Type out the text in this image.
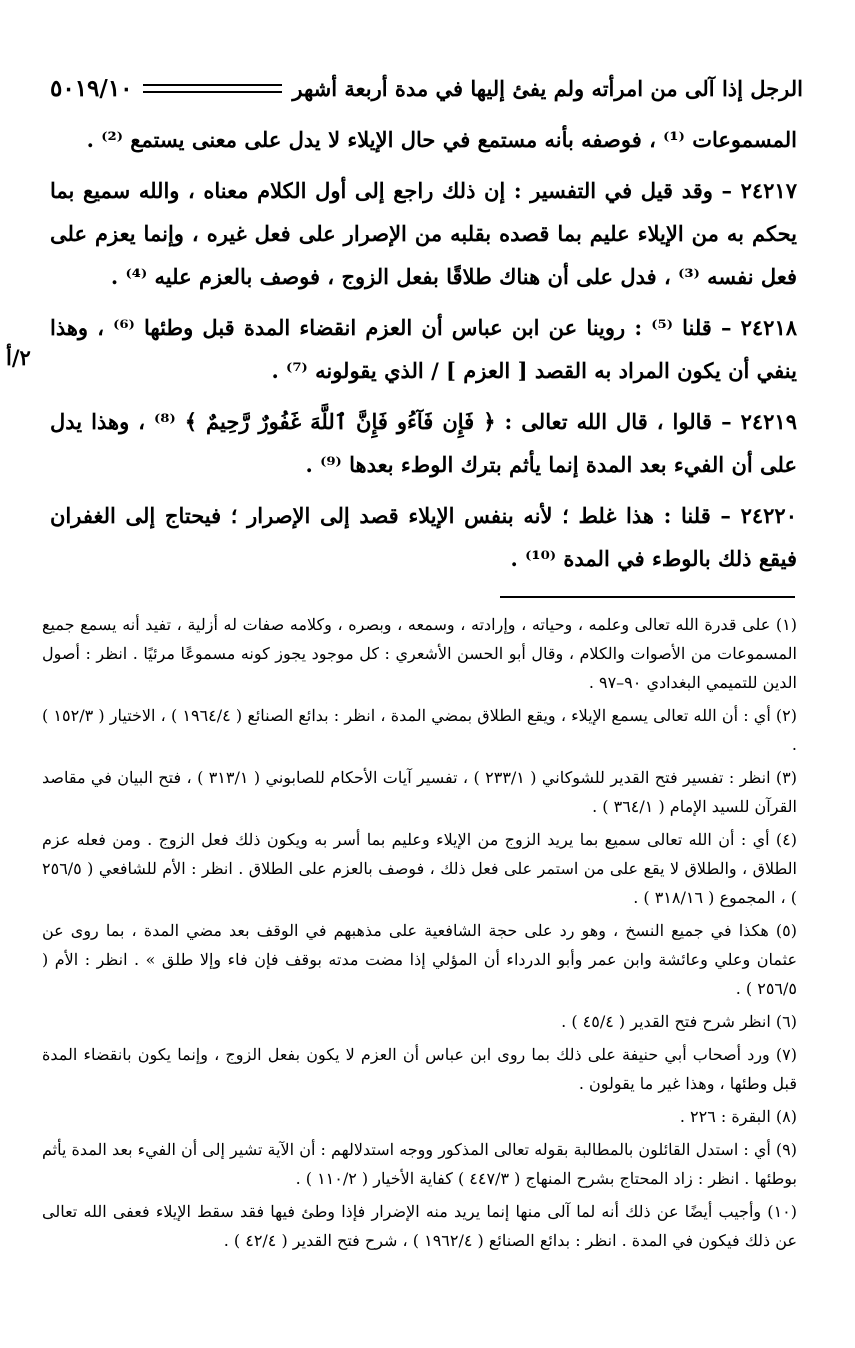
الرجل إذا آلى من امرأته ولم يفئ إليها في مدة أربعة أشهر
٥٠١٩/١٠
٢/أ

المسموعات ⁽¹⁾ ، فوصفه بأنه مستمع في حال الإيلاء لا يدل على معنى يستمع ⁽²⁾ .

٢٤٢١٧ – وقد قيل في التفسير : إن ذلك راجع إلى أول الكلام معناه ، والله سميع بما يحكم به من الإيلاء عليم بما قصده بقلبه من الإصرار على فعل غيره ، وإنما يعزم على فعل نفسه ⁽³⁾ ، فدل على أن هناك طلاقًا بفعل الزوج ، فوصف بالعزم عليه ⁽⁴⁾ .

٢٤٢١٨ – قلنا ⁽⁵⁾ : روينا عن ابن عباس أن العزم انقضاء المدة قبل وطئها ⁽⁶⁾ ، وهذا ينفي أن يكون المراد به القصد [ العزم ] / الذي يقولونه ⁽⁷⁾ .

٢٤٢١٩ – قالوا ، قال الله تعالى : ﴿ فَإِن فَآءُو فَإِنَّ ٱللَّهَ غَفُورٌ رَّحِيمٌ ﴾ ⁽⁸⁾ ، وهذا يدل على أن الفيء بعد المدة إنما يأثم بترك الوطء بعدها ⁽⁹⁾ .

٢٤٢٢٠ – قلنا : هذا غلط ؛ لأنه بنفس الإيلاء قصد إلى الإصرار ؛ فيحتاج إلى الغفران فيقع ذلك بالوطء في المدة ⁽¹⁰⁾ .

(١) على قدرة الله تعالى وعلمه ، وحياته ، وإرادته ، وسمعه ، وبصره ، وكلامه صفات له أزلية ، تفيد أنه يسمع جميع المسموعات من الأصوات والكلام ، وقال أبو الحسن الأشعري : كل موجود يجوز كونه مسموعًا مرئيًا . انظر : أصول الدين للتميمي البغدادي ٩٠–٩٧ .

(٢) أي : أن الله تعالى يسمع الإيلاء ، ويقع الطلاق بمضي المدة ، انظر : بدائع الصنائع ( ١٩٦٤/٤ ) ، الاختيار ( ١٥٢/٣ ) .

(٣) انظر : تفسير فتح القدير للشوكاني ( ٢٣٣/١ ) ، تفسير آيات الأحكام للصابوني ( ٣١٣/١ ) ، فتح البيان في مقاصد القرآن للسيد الإمام ( ٣٦٤/١ ) .

(٤) أي : أن الله تعالى سميع بما يريد الزوج من الإيلاء وعليم بما أسر به ويكون ذلك فعل الزوج . ومن فعله عزم الطلاق ، والطلاق لا يقع على من استمر على فعل ذلك ، فوصف بالعزم على الطلاق . انظر : الأم للشافعي ( ٢٥٦/٥ ) ، المجموع ( ٣١٨/١٦ ) .

(٥) هكذا في جميع النسخ ، وهو رد على حجة الشافعية على مذهبهم في الوقف بعد مضي المدة ، بما روى عن عثمان وعلي وعائشة وابن عمر وأبو الدرداء أن المؤلي إذا مضت مدته بوقف فإن فاء وإلا طلق » . انظر : الأم ( ٢٥٦/٥ ) .

(٦) انظر شرح فتح القدير ( ٤٥/٤ ) .

(٧) ورد أصحاب أبي حنيفة على ذلك بما روى ابن عباس أن العزم لا يكون بفعل الزوج ، وإنما يكون بانقضاء المدة قبل وطئها ، وهذا غير ما يقولون .

(٨) البقرة : ٢٢٦ .

(٩) أي : استدل القائلون بالمطالبة بقوله تعالى المذكور ووجه استدلالهم : أن الآية تشير إلى أن الفيء بعد المدة يأثم بوطئها . انظر : زاد المحتاج بشرح المنهاج ( ٤٤٧/٣ ) كفاية الأخيار ( ١١٠/٢ ) .

(١٠) وأجيب أيضًا عن ذلك أنه لما آلى منها إنما يريد منه الإضرار فإذا وطئ فيها فقد سقط الإيلاء فعفى الله تعالى عن ذلك فيكون في المدة . انظر : بدائع الصنائع ( ١٩٦٢/٤ ) ، شرح فتح القدير ( ٤٢/٤ ) .
